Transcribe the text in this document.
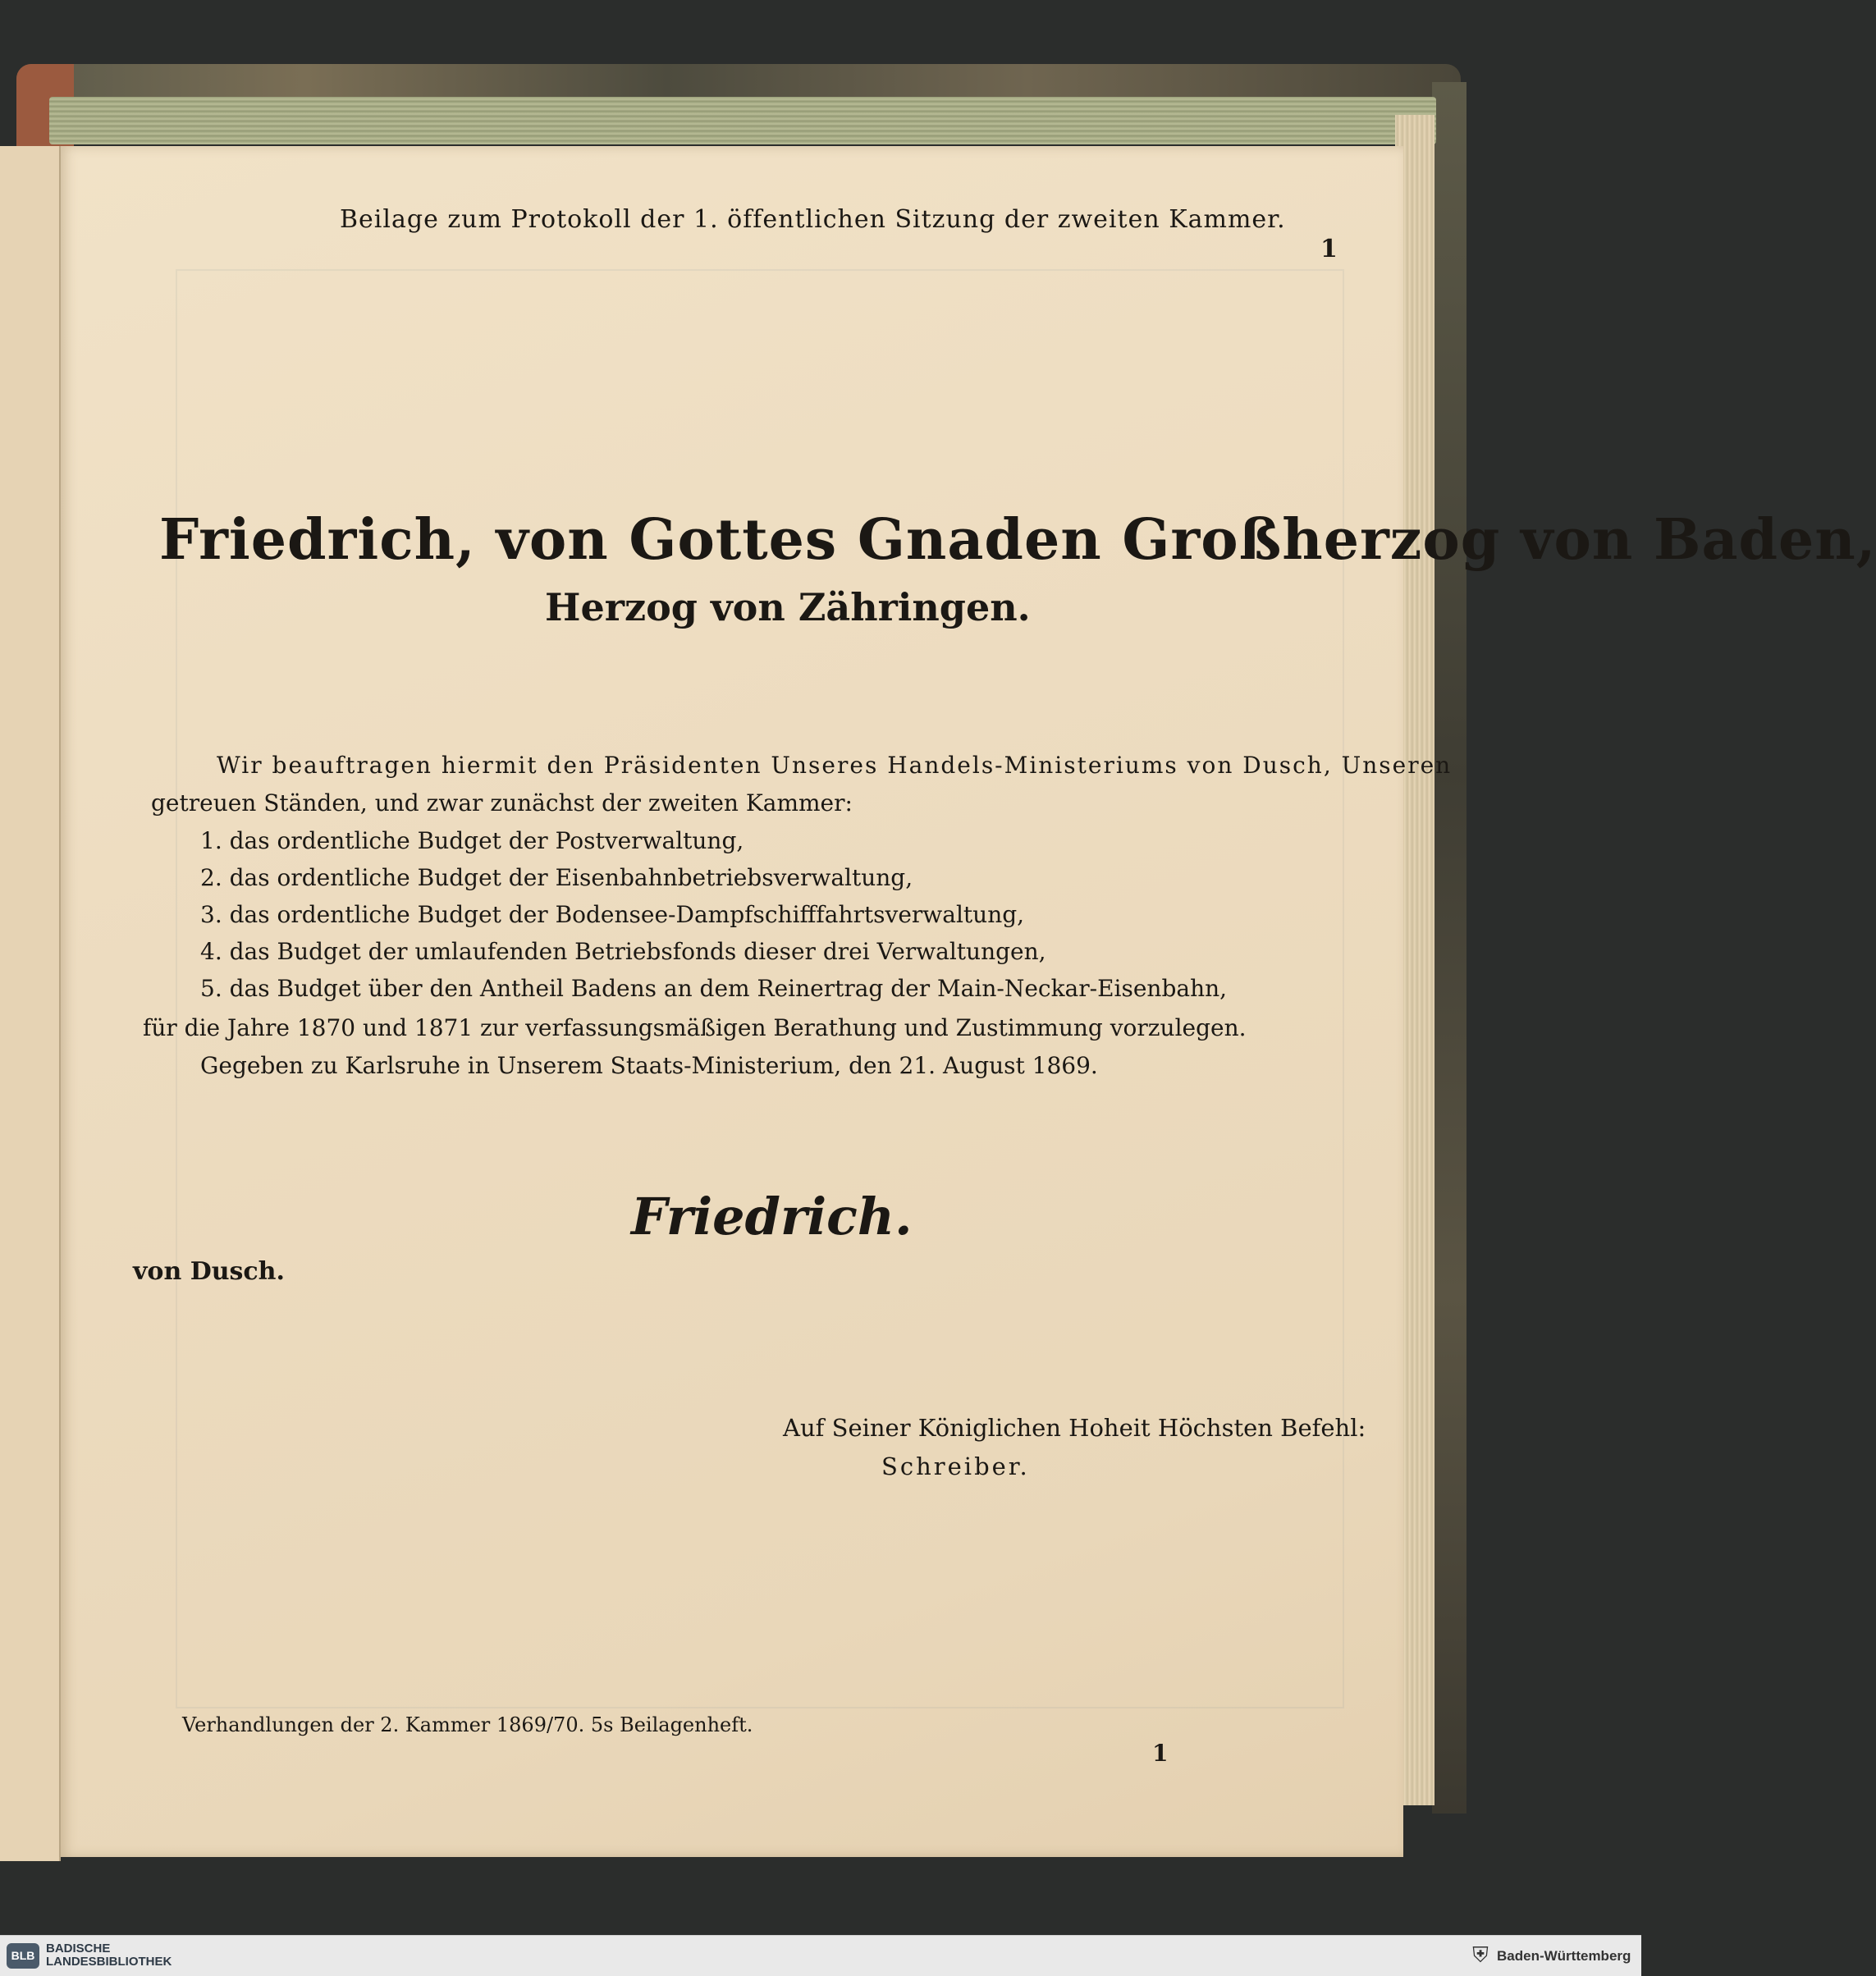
Beilage zum Protokoll der 1. öffentlichen Sitzung der zweiten Kammer.
1
Friedrich, von Gottes Gnaden Großherzog von Baden,
Herzog von Zähringen.
Wir beauftragen hiermit den Präsidenten Unseres Handels-Ministeriums von Dusch, Unseren
getreuen Ständen, und zwar zunächst der zweiten Kammer:
1. das ordentliche Budget der Postverwaltung,
2. das ordentliche Budget der Eisenbahnbetriebsverwaltung,
3. das ordentliche Budget der Bodensee-Dampfschifffahrtsverwaltung,
4. das Budget der umlaufenden Betriebsfonds dieser drei Verwaltungen,
5. das Budget über den Antheil Badens an dem Reinertrag der Main-Neckar-Eisenbahn,
für die Jahre 1870 und 1871 zur verfassungsmäßigen Berathung und Zustimmung vorzulegen.
Gegeben zu Karlsruhe in Unserem Staats-Ministerium, den 21. August 1869.
Friedrich.
von Dusch.
Auf Seiner Königlichen Hoheit Höchsten Befehl:
Schreiber.
Verhandlungen der 2. Kammer 1869/70. 5s Beilagenheft.
1
BLB BADISCHE
LANDESBIBLIOTHEK	⛨ Baden-Württemberg
